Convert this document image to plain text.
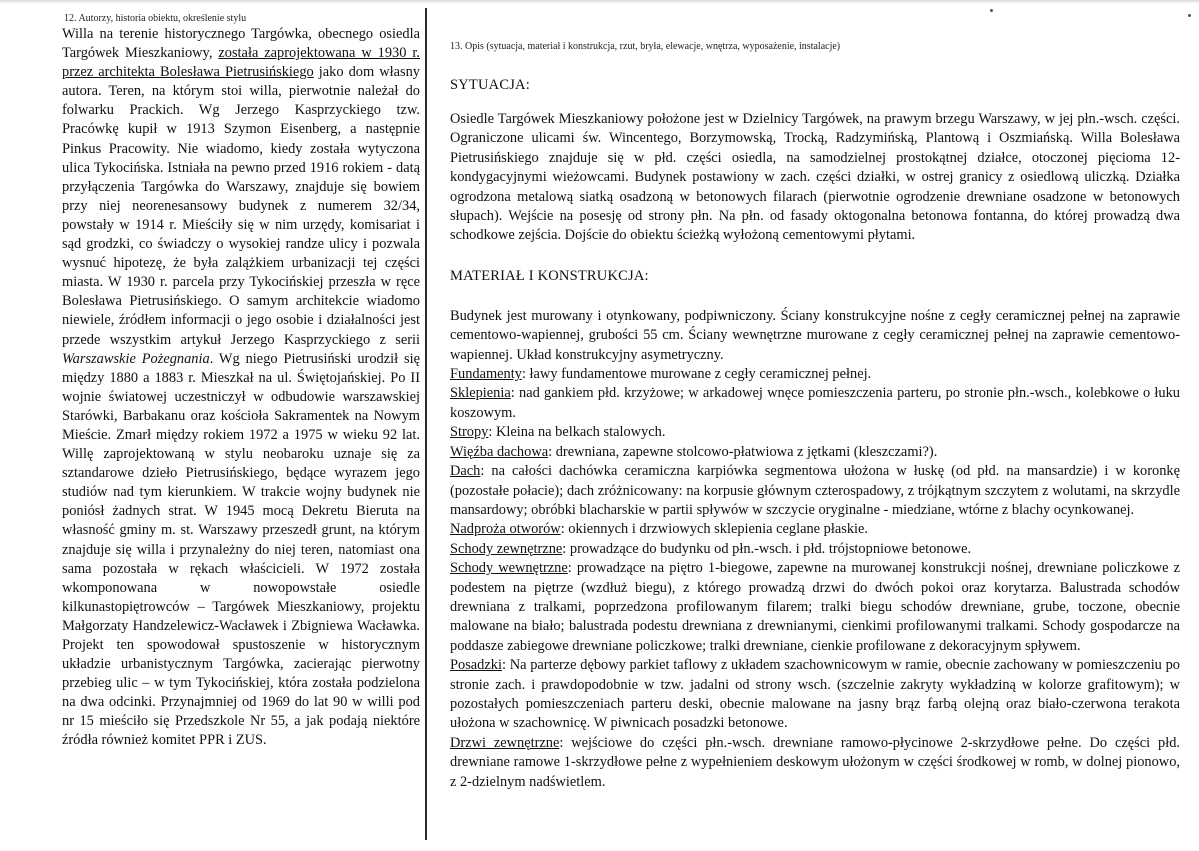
12. Autorzy, historia obiektu, określenie stylu

Willa na terenie historycznego Targówka, obecnego osiedla Targówek Mieszkaniowy, została zaprojektowana w 1930 r. przez architekta Bolesława Pietrusińskiego jako dom własny autora. Teren, na którym stoi willa, pierwotnie należał do folwarku Prackich. Wg Jerzego Kasprzyckiego tzw. Pracówkę kupił w 1913 Szymon Eisenberg, a następnie Pinkus Pracowity. Nie wiadomo, kiedy została wytyczona ulica Tykocińska. Istniała na pewno przed 1916 rokiem - datą przyłączenia Targówka do Warszawy, znajduje się bowiem przy niej neorenesansowy budynek z numerem 32/34, powstały w 1914 r. Mieściły się w nim urzędy, komisariat i sąd grodzki, co świadczy o wysokiej randze ulicy i pozwala wysnuć hipotezę, że była zalążkiem urbanizacji tej części miasta. W 1930 r. parcela przy Tykocińskiej przeszła w ręce Bolesława Pietrusińskiego. O samym architekcie wiadomo niewiele, źródłem informacji o jego osobie i działalności jest przede wszystkim artykuł Jerzego Kasprzyckiego z serii Warszawskie Pożegnania. Wg niego Pietrusiński urodził się między 1880 a 1883 r. Mieszkał na ul. Świętojańskiej. Po II wojnie światowej uczestniczył w odbudowie warszawskiej Starówki, Barbakanu oraz kościoła Sakramentek na Nowym Mieście. Zmarł między rokiem 1972 a 1975 w wieku 92 lat. Willę zaprojektowaną w stylu neobaroku uznaje się za sztandarowe dzieło Pietrusińskiego, będące wyrazem jego studiów nad tym kierunkiem. W trakcie wojny budynek nie poniósł żadnych strat. W 1945 mocą Dekretu Bieruta na własność gminy m. st. Warszawy przeszedł grunt, na którym znajduje się willa i przynależny do niej teren, natomiast ona sama pozostała w rękach właścicieli. W 1972 została wkomponowana w nowopowstałe osiedle kilkunastopiętrowców – Targówek Mieszkaniowy, projektu Małgorzaty Handzelewicz-Wacławek i Zbigniewa Wacławka. Projekt ten spowodował spustoszenie w historycznym układzie urbanistycznym Targówka, zacierając pierwotny przebieg ulic – w tym Tykocińskiej, która została podzielona na dwa odcinki. Przynajmniej od 1969 do lat 90 w willi pod nr 15 mieściło się Przedszkole Nr 55, a jak podają niektóre źródła również komitet PPR i ZUS.

13. Opis (sytuacja, materiał i konstrukcja, rzut, bryła, elewacje, wnętrza, wyposażenie, instalacje)

SYTUACJA:

Osiedle Targówek Mieszkaniowy położone jest w Dzielnicy Targówek, na prawym brzegu Warszawy, w jej płn.-wsch. części. Ograniczone ulicami św. Wincentego, Borzymowską, Trocką, Radzymińską, Plantową i Oszmiańską. Willa Bolesława Pietrusińskiego znajduje się w płd. części osiedla, na samodzielnej prostokątnej działce, otoczonej pięcioma 12-kondygacyjnymi wieżowcami. Budynek postawiony w zach. części działki, w ostrej granicy z osiedlową uliczką. Działka ogrodzona metalową siatką osadzoną w betonowych filarach (pierwotnie ogrodzenie drewniane osadzone w betonowych słupach). Wejście na posesję od strony płn. Na płn. od fasady oktogonalna betonowa fontanna, do której prowadzą dwa schodkowe zejścia. Dojście do obiektu ścieżką wyłożoną cementowymi płytami.

MATERIAŁ I KONSTRUKCJA:

Budynek jest murowany i otynkowany, podpiwniczony. Ściany konstrukcyjne nośne z cegły ceramicznej pełnej na zaprawie cementowo-wapiennej, grubości 55 cm. Ściany wewnętrzne murowane z cegły ceramicznej pełnej na zaprawie cementowo-wapiennej. Układ konstrukcyjny asymetryczny.

Fundamenty: ławy fundamentowe murowane z cegły ceramicznej pełnej.

Sklepienia: nad gankiem płd. krzyżowe; w arkadowej wnęce pomieszczenia parteru, po stronie płn.-wsch., kolebkowe o łuku koszowym.

Stropy: Kleina na belkach stalowych.

Więźba dachowa: drewniana, zapewne stolcowo-płatwiowa z jętkami (kleszczami?).

Dach: na całości dachówka ceramiczna karpiówka segmentowa ułożona w łuskę (od płd. na mansardzie) i w koronkę (pozostałe połacie); dach zróżnicowany: na korpusie głównym czterospadowy, z trójkątnym szczytem z wolutami, na skrzydle mansardowy; obróbki blacharskie w partii spływów w szczycie oryginalne - miedziane, wtórne z blachy ocynkowanej.

Nadproża otworów: okiennych i drzwiowych sklepienia ceglane płaskie.

Schody zewnętrzne: prowadzące do budynku od płn.-wsch. i płd. trójstopniowe betonowe.

Schody wewnętrzne: prowadzące na piętro 1-biegowe, zapewne na murowanej konstrukcji nośnej, drewniane policzkowe z podestem na piętrze (wzdłuż biegu), z którego prowadzą drzwi do dwóch pokoi oraz korytarza. Balustrada schodów drewniana z tralkami, poprzedzona profilowanym filarem; tralki biegu schodów drewniane, grube, toczone, obecnie malowane na biało; balustrada podestu drewniana z drewnianymi, cienkimi profilowanymi tralkami. Schody gospodarcze na poddasze zabiegowe drewniane policzkowe; tralki drewniane, cienkie profilowane z dekoracyjnym spływem.

Posadzki: Na parterze dębowy parkiet taflowy z układem szachownicowym w ramie, obecnie zachowany w pomieszczeniu po stronie zach. i prawdopodobnie w tzw. jadalni od strony wsch. (szczelnie zakryty wykładziną w kolorze grafitowym); w pozostałych pomieszczeniach parteru deski, obecnie malowane na jasny brąz farbą olejną oraz biało-czerwona terakota ułożona w szachownicę. W piwnicach posadzki betonowe.

Drzwi zewnętrzne: wejściowe do części płn.-wsch. drewniane ramowo-płycinowe 2-skrzydłowe pełne. Do części płd. drewniane ramowe 1-skrzydłowe pełne z wypełnieniem deskowym ułożonym w części środkowej w romb, w dolnej pionowo, z 2-dzielnym nadświetlem.
